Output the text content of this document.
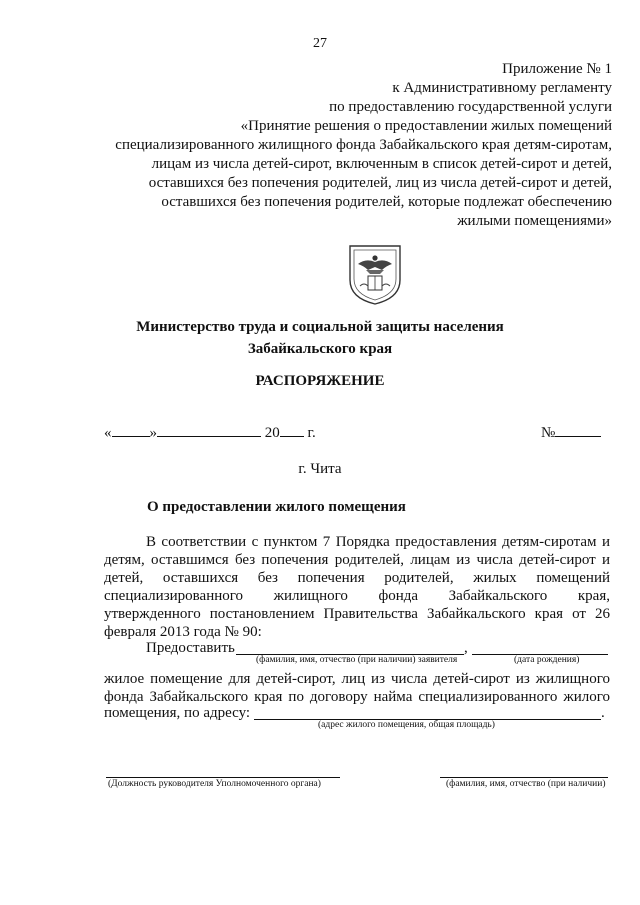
27
Приложение № 1
к Административному регламенту
по предоставлению государственной услуги
«Принятие решения о предоставлении жилых помещений
специализированного жилищного фонда Забайкальского края детям-сиротам,
лицам из числа детей-сирот, включенным в список детей-сирот и детей,
оставшихся без попечения родителей, лиц из числа детей-сирот и детей,
оставшихся без попечения родителей, которые подлежат обеспечению
жилыми помещениями»
Министерство труда и социальной защиты населения
Забайкальского края
РАСПОРЯЖЕНИЕ
«	»	20 г.	№
г. Чита
О предоставлении жилого помещения
В соответствии с пунктом 7 Порядка предоставления детям-сиротам и
детям, оставшимся без попечения родителей, лицам из числа детей-сирот и
детей, оставшихся без попечения родителей, жилых помещений
специализированного жилищного фонда Забайкальского края,
утвержденного постановлением Правительства Забайкальского края от 26
февраля 2013 года № 90:
Предоставить	,
(фамилия, имя, отчество (при наличии) заявителя	(дата рождения)
жилое помещение для детей-сирот, лиц из числа детей-сирот из жилищного
фонда Забайкальского края по договору найма специализированного жилого
помещения, по адресу:	.
(адрес жилого помещения, общая площадь)
(Должность руководителя Уполномоченного органа)	(фамилия, имя, отчество (при наличии)
